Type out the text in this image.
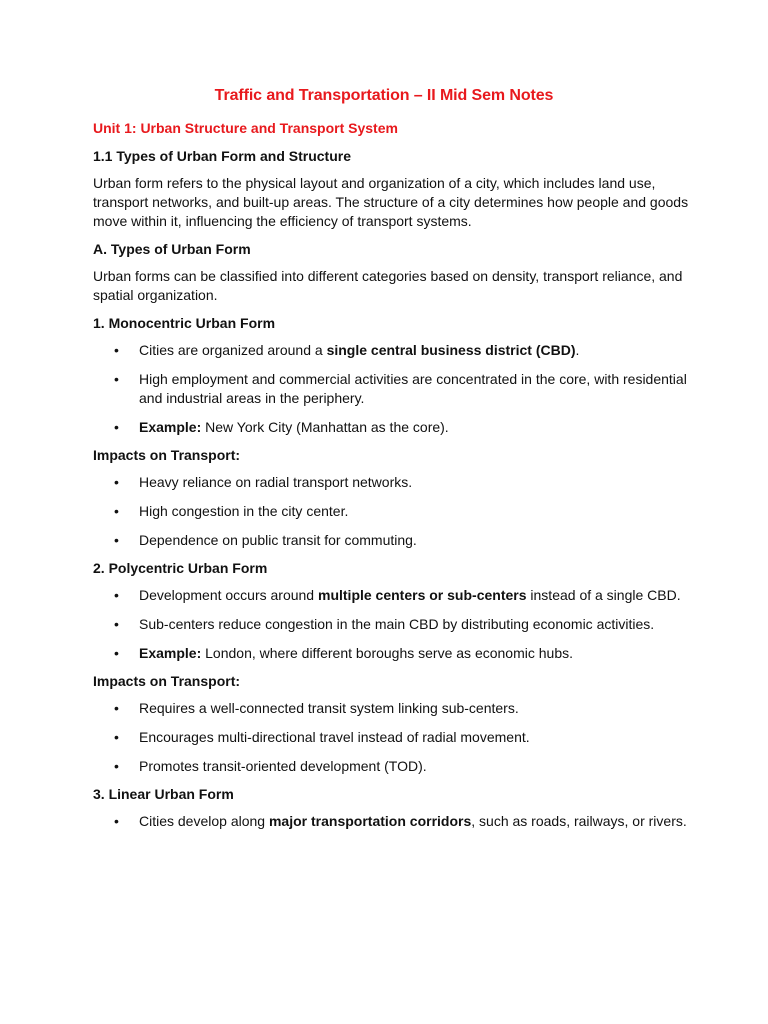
Traffic and Transportation – II Mid Sem Notes
Unit 1: Urban Structure and Transport System
1.1 Types of Urban Form and Structure

Urban form refers to the physical layout and organization of a city, which includes land use, transport networks, and built-up areas. The structure of a city determines how people and goods move within it, influencing the efficiency of transport systems.

A. Types of Urban Form

Urban forms can be classified into different categories based on density, transport reliance, and spatial organization.

1. Monocentric Urban Form
• Cities are organized around a single central business district (CBD).
• High employment and commercial activities are concentrated in the core, with residential and industrial areas in the periphery.
• Example: New York City (Manhattan as the core).
Impacts on Transport:
• Heavy reliance on radial transport networks.
• High congestion in the city center.
• Dependence on public transit for commuting.
2. Polycentric Urban Form
• Development occurs around multiple centers or sub-centers instead of a single CBD.
• Sub-centers reduce congestion in the main CBD by distributing economic activities.
• Example: London, where different boroughs serve as economic hubs.
Impacts on Transport:
• Requires a well-connected transit system linking sub-centers.
• Encourages multi-directional travel instead of radial movement.
• Promotes transit-oriented development (TOD).
3. Linear Urban Form
• Cities develop along major transportation corridors, such as roads, railways, or rivers.
